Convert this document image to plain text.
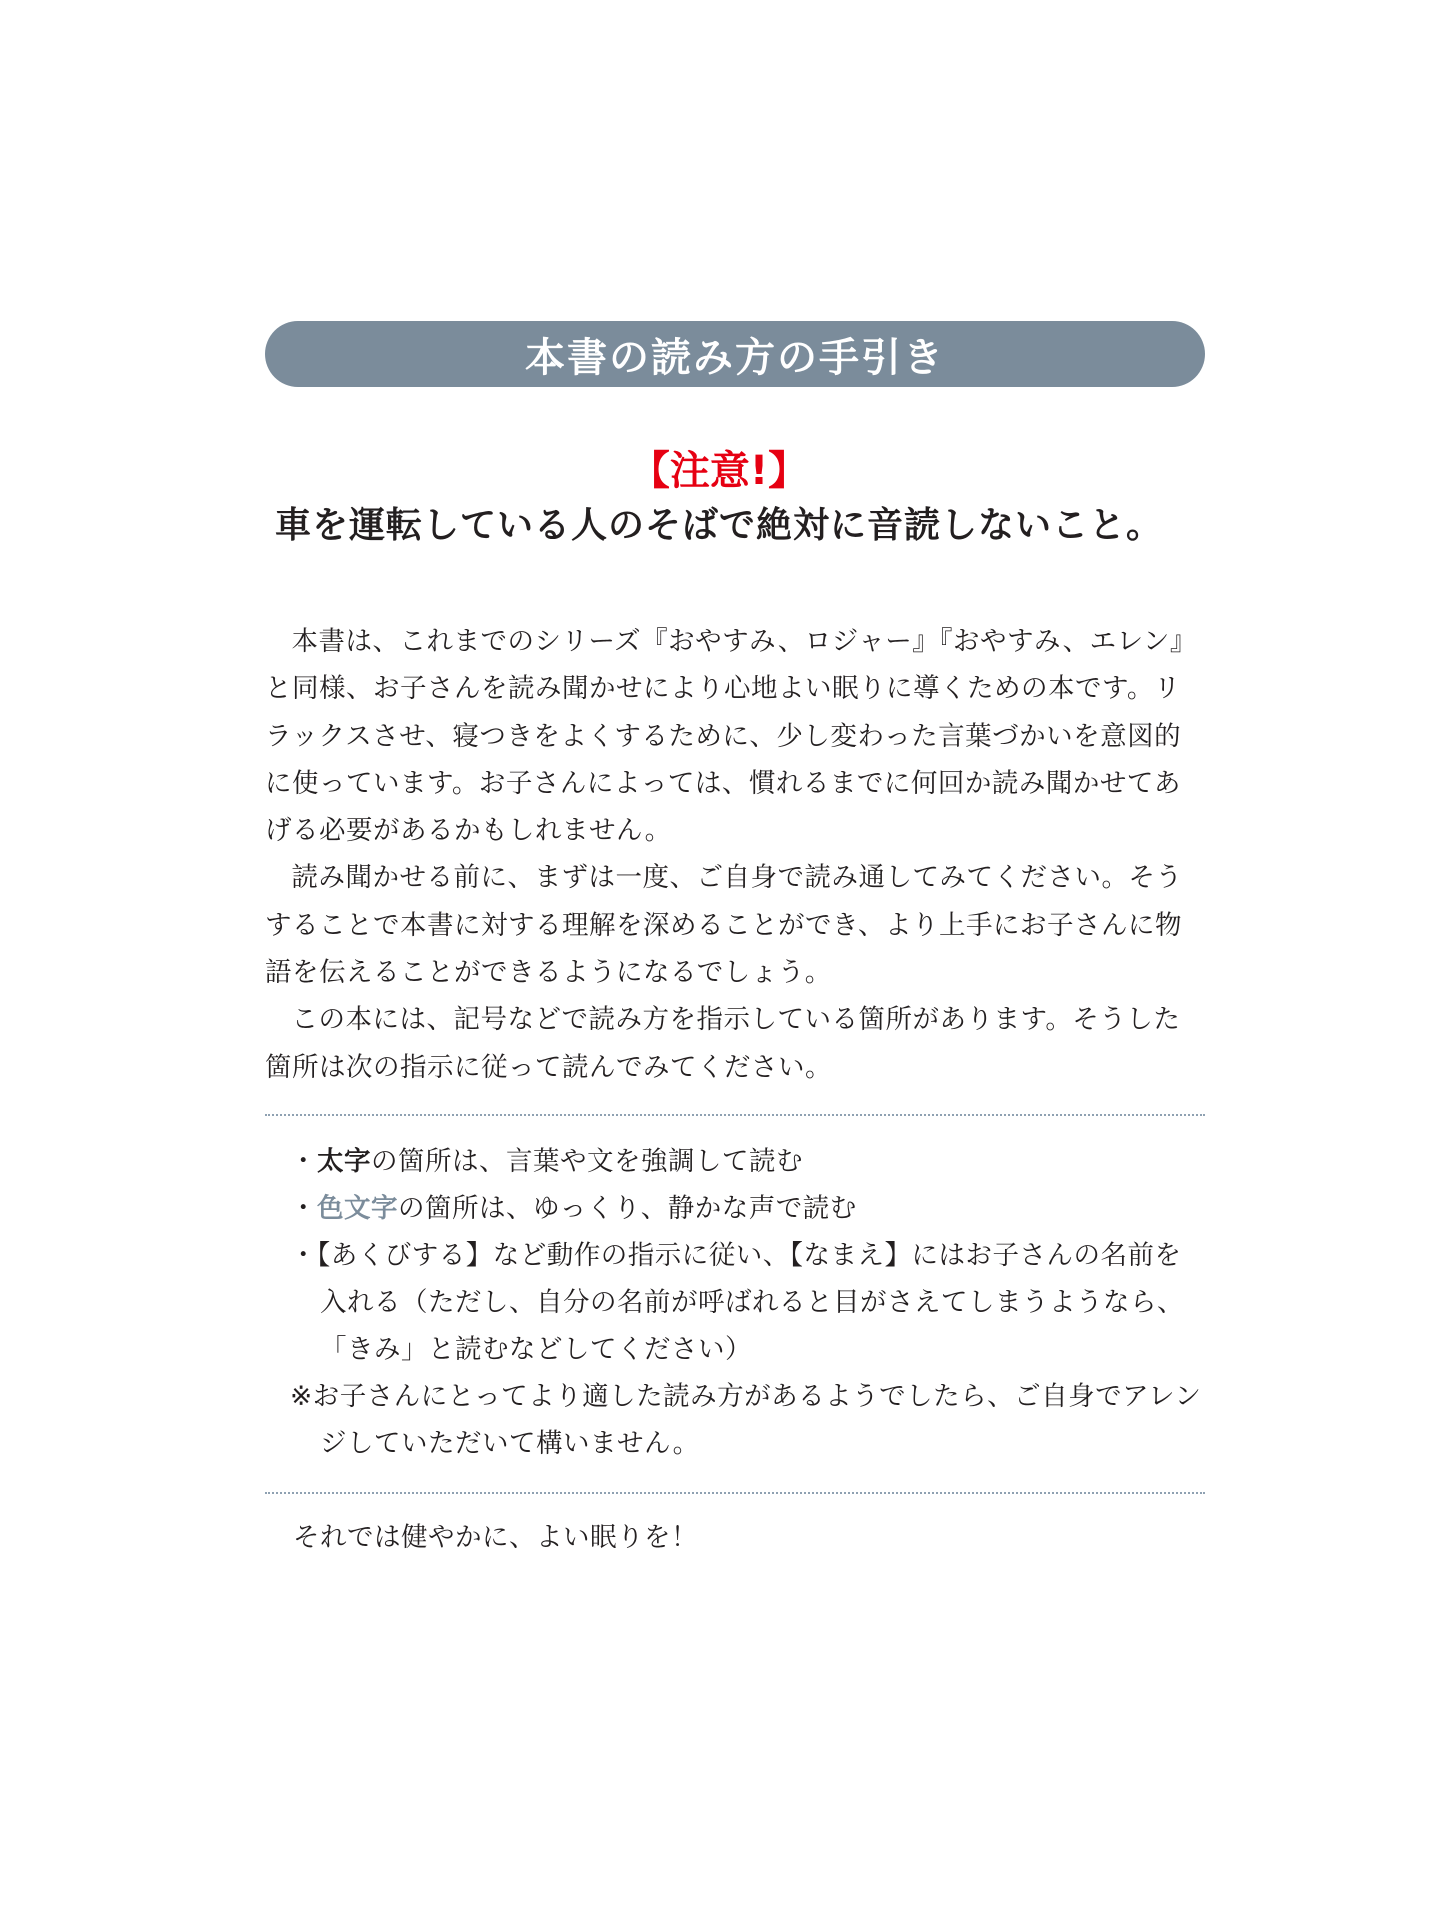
本書の読み方の手引き
【注意!】
車を運転している人のそばで絶対に音読しないこと。

本書は、これまでのシリーズ『おやすみ、ロジャー』『おやすみ、エレン』と同様、お子さんを読み聞かせにより心地よい眠りに導くための本です。リラックスさせ、寝つきをよくするために、少し変わった言葉づかいを意図的に使っています。お子さんによっては、慣れるまでに何回か読み聞かせてあげる必要があるかもしれません。

読み聞かせる前に、まずは一度、ご自身で読み通してみてください。そうすることで本書に対する理解を深めることができ、より上手にお子さんに物語を伝えることができるようになるでしょう。

この本には、記号などで読み方を指示している箇所があります。そうした箇所は次の指示に従って読んでみてください。

・太字の箇所は、言葉や文を強調して読む

・色文字の箇所は、ゆっくり、静かな声で読む

・【あくびする】など動作の指示に従い、【なまえ】にはお子さんの名前を入れる（ただし、自分の名前が呼ばれると目がさえてしまうようなら、「きみ」と読むなどしてください）

※お子さんにとってより適した読み方があるようでしたら、ご自身でアレンジしていただいて構いません。

それでは健やかに、よい眠りを！
